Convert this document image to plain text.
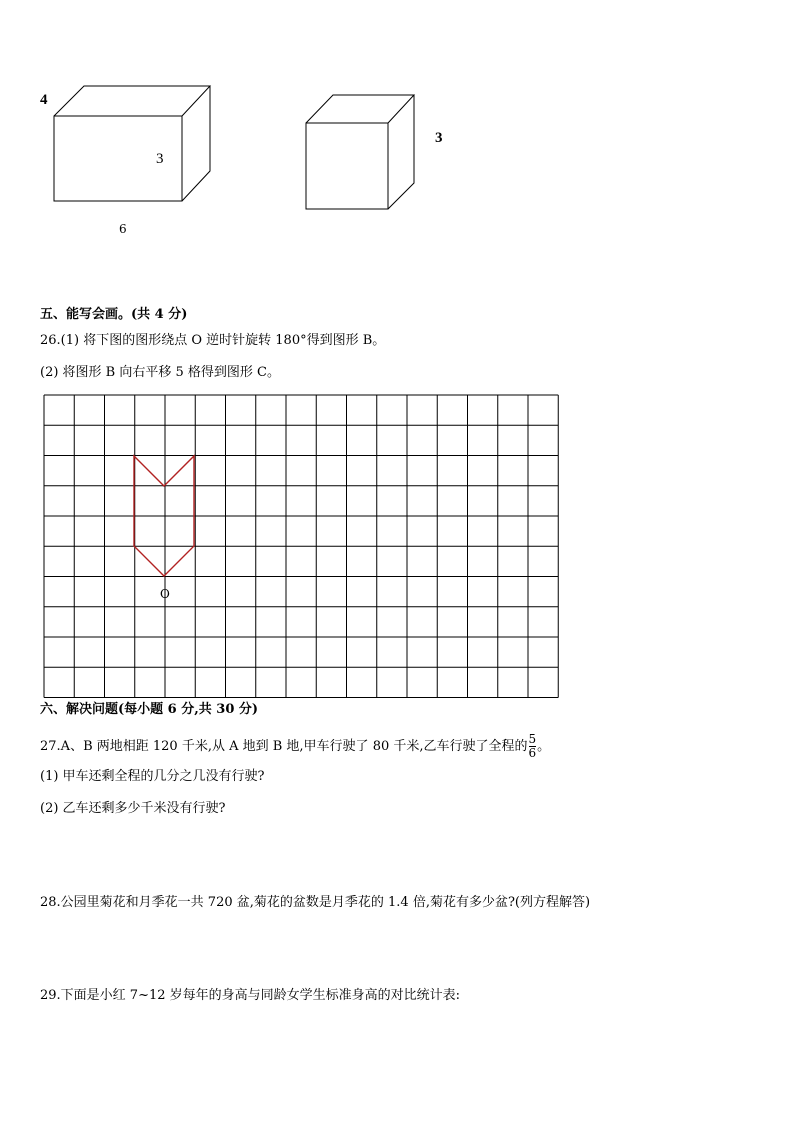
4
3
6
3
五、能写会画。(共 4 分)
26.(1) 将下图的图形绕点 O 逆时针旋转 180°得到图形 B。
(2) 将图形 B 向右平移 5 格得到图形 C。
O
六、解决问题(每小题 6 分,共 30 分)
27.A、B 两地相距 120 千米,从 A 地到 B 地,甲车行驶了 80 千米,乙车行驶了全程的 $\frac{5}{6}$ 。
(1) 甲车还剩全程的几分之几没有行驶?
(2) 乙车还剩多少千米没有行驶?
28.公园里菊花和月季花一共 720 盆,菊花的盆数是月季花的 1.4 倍,菊花有多少盆?(列方程解答)
29.下面是小红 7~12 岁每年的身高与同龄女学生标准身高的对比统计表:
